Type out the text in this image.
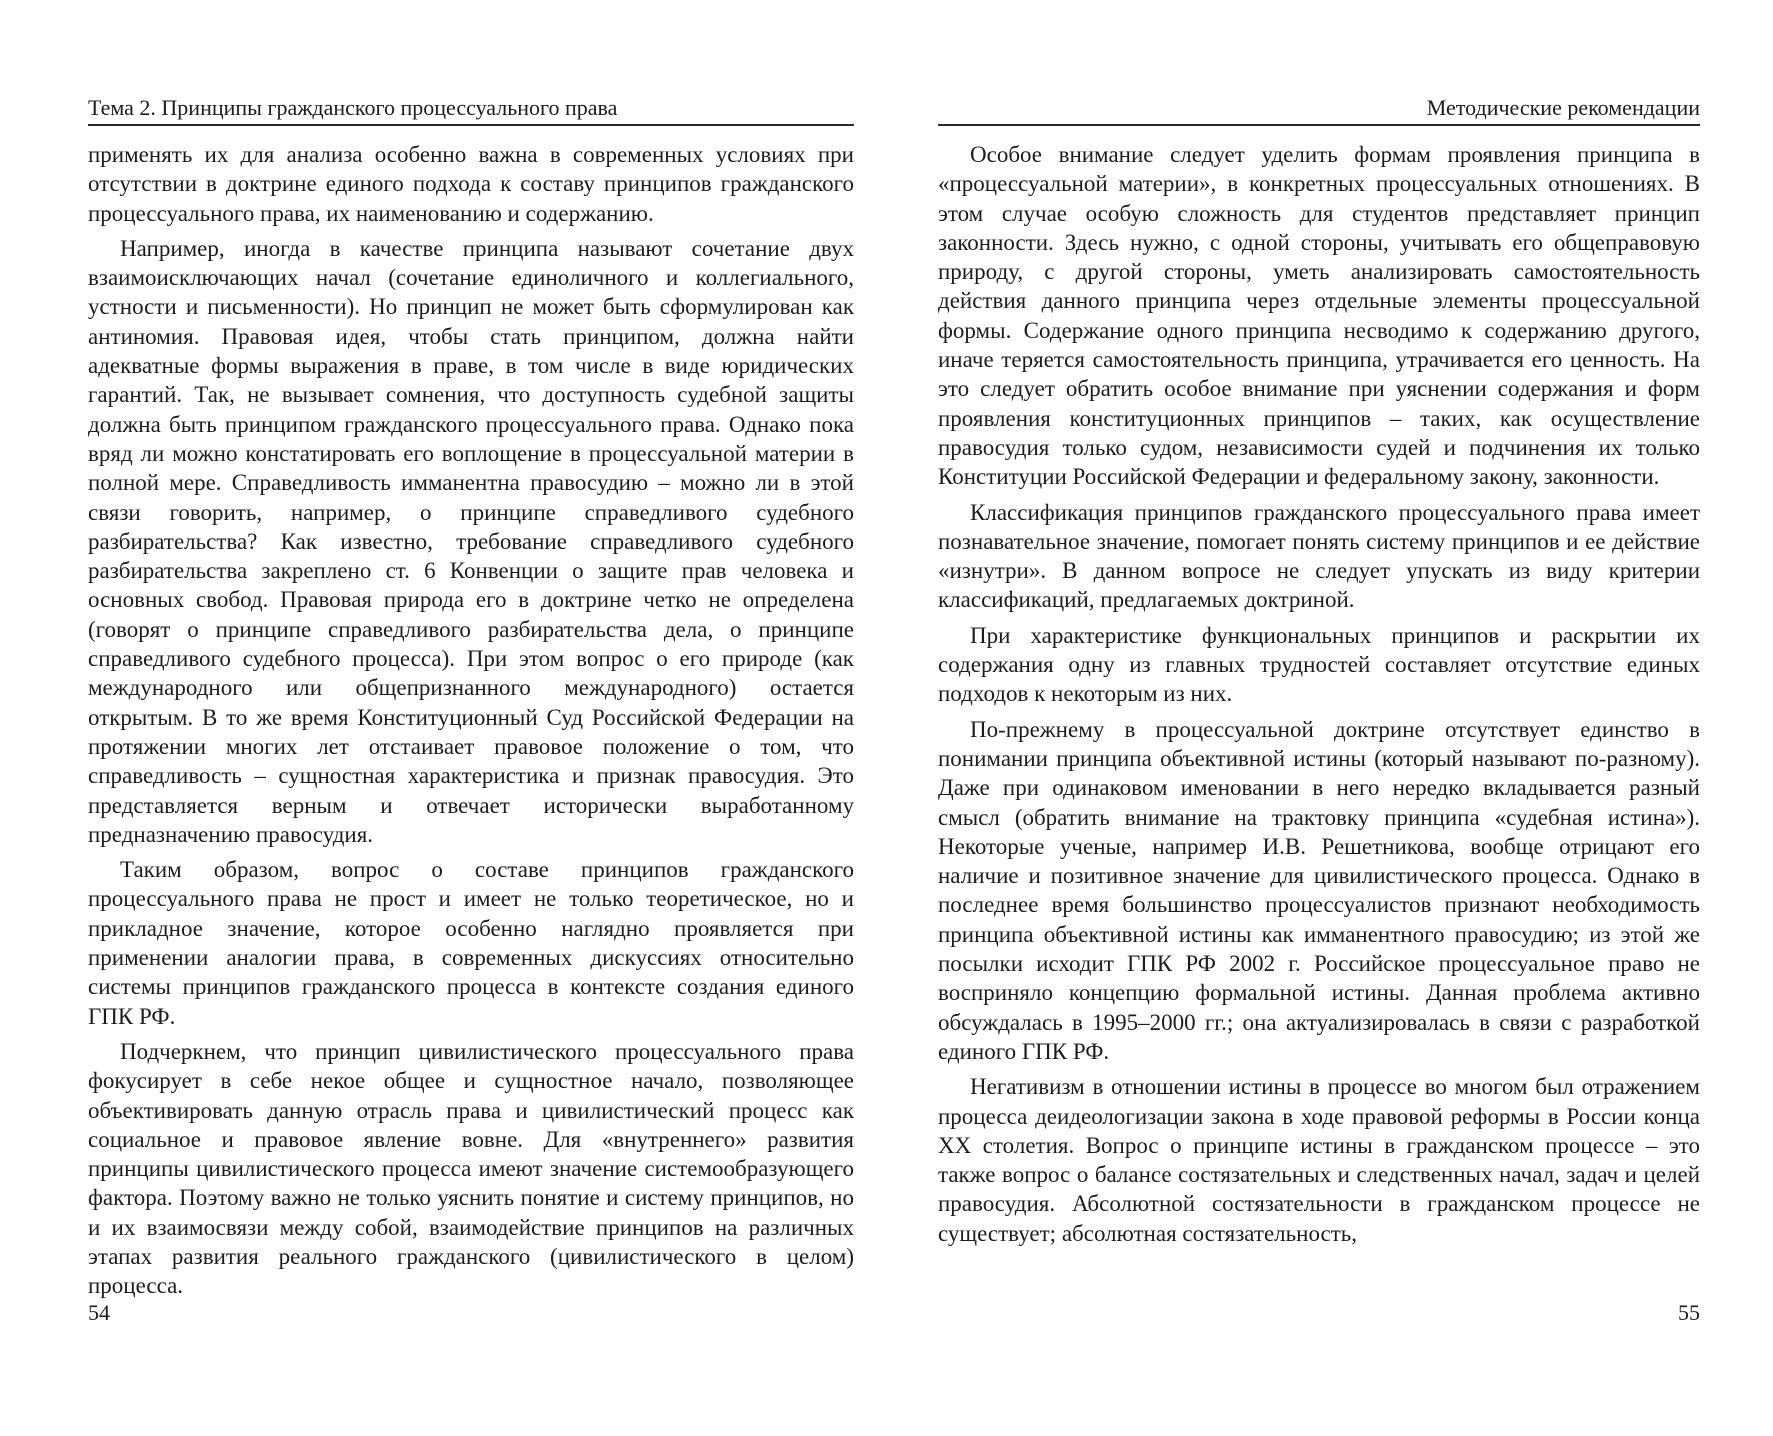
Тема 2. Принципы гражданского процессуального права

применять их для анализа особенно важна в современных условиях при отсутствии в доктрине единого подхода к составу принципов гражданского процессуального права, их наименованию и содержанию.

Например, иногда в качестве принципа называют сочетание двух взаимоисключающих начал (сочетание единоличного и коллегиального, устности и письменности). Но принцип не может быть сформулирован как антиномия. Правовая идея, чтобы стать принципом, должна найти адекватные формы выражения в праве, в том числе в виде юридических гарантий. Так, не вызывает сомнения, что доступность судебной защиты должна быть принципом гражданского процессуального права. Однако пока вряд ли можно констатировать его воплощение в процессуальной материи в полной мере. Справедливость имманентна правосудию – можно ли в этой связи говорить, например, о принципе справедливого судебного разбирательства? Как известно, требование справедливого судебного разбирательства закреплено ст. 6 Конвенции о защите прав человека и основных свобод. Правовая природа его в доктрине четко не определена (говорят о принципе справедливого разбирательства дела, о принципе справедливого судебного процесса). При этом вопрос о его природе (как международного или общепризнанного международного) остается открытым. В то же время Конституционный Суд Российской Федерации на протяжении многих лет отстаивает правовое положение о том, что справедливость – сущностная характеристика и признак правосудия. Это представляется верным и отвечает исторически выработанному предназначению правосудия.

Таким образом, вопрос о составе принципов гражданского процессуального права не прост и имеет не только теоретическое, но и прикладное значение, которое особенно наглядно проявляется при применении аналогии права, в современных дискуссиях относительно системы принципов гражданского процесса в контексте создания единого ГПК РФ.

Подчеркнем, что принцип цивилистического процессуального права фокусирует в себе некое общее и сущностное начало, позволяющее объективировать данную отрасль права и цивилистический процесс как социальное и правовое явление вовне. Для «внутреннего» развития принципы цивилистического процесса имеют значение системообразующего фактора. Поэтому важно не только уяснить понятие и систему принципов, но и их взаимосвязи между собой, взаимодействие принципов на различных этапах развития реального гражданского (цивилистического в целом) процесса.

54
Методические рекомендации

Особое внимание следует уделить формам проявления принципа в «процессуальной материи», в конкретных процессуальных отношениях. В этом случае особую сложность для студентов представляет принцип законности. Здесь нужно, с одной стороны, учитывать его общеправовую природу, с другой стороны, уметь анализировать самостоятельность действия данного принципа через отдельные элементы процессуальной формы. Содержание одного принципа несводимо к содержанию другого, иначе теряется самостоятельность принципа, утрачивается его ценность. На это следует обратить особое внимание при уяснении содержания и форм проявления конституционных принципов – таких, как осуществление правосудия только судом, независимости судей и подчинения их только Конституции Российской Федерации и федеральному закону, законности.

Классификация принципов гражданского процессуального права имеет познавательное значение, помогает понять систему принципов и ее действие «изнутри». В данном вопросе не следует упускать из виду критерии классификаций, предлагаемых доктриной.

При характеристике функциональных принципов и раскрытии их содержания одну из главных трудностей составляет отсутствие единых подходов к некоторым из них.

По-прежнему в процессуальной доктрине отсутствует единство в понимании принципа объективной истины (который называют по-разному). Даже при одинаковом именовании в него нередко вкладывается разный смысл (обратить внимание на трактовку принципа «судебная истина»). Некоторые ученые, например И.В. Решетникова, вообще отрицают его наличие и позитивное значение для цивилистического процесса. Однако в последнее время большинство процессуалистов признают необходимость принципа объективной истины как имманентного правосудию; из этой же посылки исходит ГПК РФ 2002 г. Российское процессуальное право не восприняло концепцию формальной истины. Данная проблема активно обсуждалась в 1995–2000 гг.; она актуализировалась в связи с разработкой единого ГПК РФ.

Негативизм в отношении истины в процессе во многом был отражением процесса деидеологизации закона в ходе правовой реформы в России конца XX столетия. Вопрос о принципе истины в гражданском процессе – это также вопрос о балансе состязательных и следственных начал, задач и целей правосудия. Абсолютной состязательности в гражданском процессе не существует; абсолютная состязательность,

55
